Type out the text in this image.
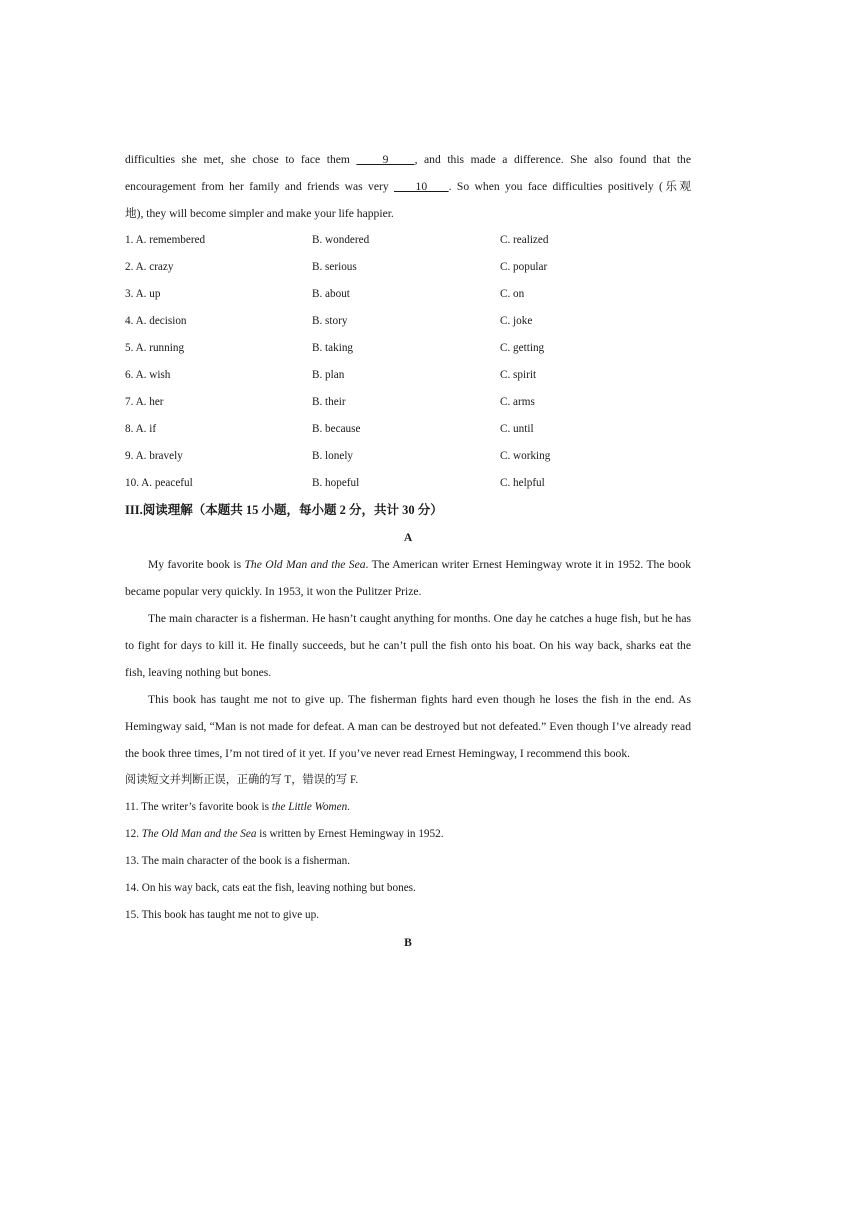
difficulties she met, she chose to face them     9    , and this made a difference. She also found that the
encouragement from her family and friends was very     10    . So when you face difficulties positively (乐观
地), they will become simpler and make your life happier.
1. A. remembered	B. wondered	C. realized
2. A. crazy	B. serious	C. popular
3. A. up	B. about	C. on
4. A. decision	B. story	C. joke
5. A. running	B. taking	C. getting
6. A. wish	B. plan	C. spirit
7. A. her	B. their	C. arms
8. A. if	B. because	C. until
9. A. bravely	B. lonely	C. working
10. A. peaceful	B. hopeful	C. helpful
III.阅读理解（本题共 15 小题，每小题 2 分，共计 30 分）
A
My favorite book is The Old Man and the Sea. The American writer Ernest Hemingway wrote it in 1952. The book became popular very quickly. In 1953, it won the Pulitzer Prize.
The main character is a fisherman. He hasn’t caught anything for months. One day he catches a huge fish, but he has to fight for days to kill it. He finally succeeds, but he can’t pull the fish onto his boat. On his way back, sharks eat the fish, leaving nothing but bones.
This book has taught me not to give up. The fisherman fights hard even though he loses the fish in the end. As Hemingway said, “Man is not made for defeat. A man can be destroyed but not defeated.” Even though I’ve already read the book three times, I’m not tired of it yet. If you’ve never read Ernest Hemingway, I recommend this book.
阅读短文并判断正误，正确的写 T，错误的写 F.
11. The writer’s favorite book is the Little Women.
12. The Old Man and the Sea is written by Ernest Hemingway in 1952.
13. The main character of the book is a fisherman.
14. On his way back, cats eat the fish, leaving nothing but bones.
15. This book has taught me not to give up.
B
